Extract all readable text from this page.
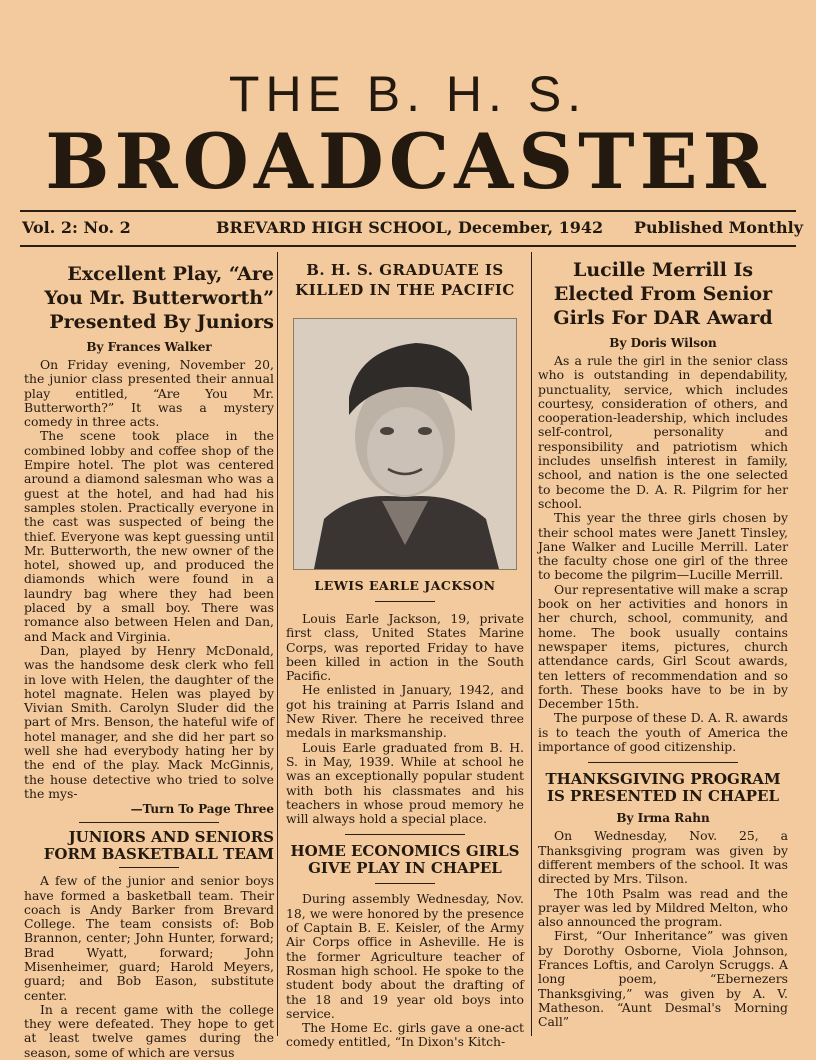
THE B. H. S.
BROADCASTER
Vol. 2: No. 2	BREVARD HIGH SCHOOL, December, 1942 Published Monthly
Excellent Play, “Are You Mr. Butterworth” Presented By Juniors
By Frances Walker

On Friday evening, November 20, the junior class presented their annual play entitled, “Are You Mr. Butterworth?” It was a mystery comedy in three acts.

The scene took place in the combined lobby and coffee shop of the Empire hotel. The plot was centered around a diamond salesman who was a guest at the hotel, and had had his samples stolen. Practically everyone in the cast was suspected of being the thief. Everyone was kept guessing until Mr. Butterworth, the new owner of the hotel, showed up, and produced the diamonds which were found in a laundry bag where they had been placed by a small boy. There was romance also between Helen and Dan, and Mack and Virginia.

Dan, played by Henry McDonald, was the handsome desk clerk who fell in love with Helen, the daughter of the hotel magnate. Helen was played by Vivian Smith. Carolyn Sluder did the part of Mrs. Benson, the hateful wife of hotel manager, and she did her part so well she had everybody hating her by the end of the play. Mack McGinnis, the house detective who tried to solve the mys-

—Turn To Page Three
JUNIORS AND SENIORS FORM BASKETBALL TEAM

A few of the junior and senior boys have formed a basketball team. Their coach is Andy Barker from Brevard College. The team consists of: Bob Brannon, center; John Hunter, forward; Brad Wyatt, forward; John Misenheimer, guard; Harold Meyers, guard; and Bob Eason, substitute center.

In a recent game with the college they were defeated. They hope to get at least twelve games during the season, some of which are versus

B. H. S. GRADUATE IS KILLED IN THE PACIFIC
LEWIS EARLE JACKSON

Louis Earle Jackson, 19, private first class, United States Marine Corps, was reported Friday to have been killed in action in the South Pacific.

He enlisted in January, 1942, and got his training at Parris Island and New River. There he received three medals in marksmanship.

Louis Earle graduated from B. H. S. in May, 1939. While at school he was an exceptionally popular student with both his classmates and his teachers in whose proud memory he will always hold a special place.

HOME ECONOMICS GIRLS GIVE PLAY IN CHAPEL

During assembly Wednesday, Nov. 18, we were honored by the presence of Captain B. E. Keisler, of the Army Air Corps office in Asheville. He is the former Agriculture teacher of Rosman high school. He spoke to the student body about the drafting of the 18 and 19 year old boys into service.

The Home Ec. girls gave a one-act comedy entitled, “In Dixon's Kitch-

Lucille Merrill Is Elected From Senior Girls For DAR Award
By Doris Wilson

As a rule the girl in the senior class who is outstanding in dependability, punctuality, service, which includes courtesy, consideration of others, and cooperation-leadership, which includes self-control, personality and responsibility and patriotism which includes unselfish interest in family, school, and nation is the one selected to become the D. A. R. Pilgrim for her school.

This year the three girls chosen by their school mates were Janett Tinsley, Jane Walker and Lucille Merrill. Later the faculty chose one girl of the three to become the pilgrim—Lucille Merrill.

Our representative will make a scrap book on her activities and honors in her church, school, community, and home. The book usually contains newspaper items, pictures, church attendance cards, Girl Scout awards, ten letters of recommendation and so forth. These books have to be in by December 15th.

The purpose of these D. A. R. awards is to teach the youth of America the importance of good citizenship.

THANKSGIVING PROGRAM IS PRESENTED IN CHAPEL
By Irma Rahn

On Wednesday, Nov. 25, a Thanksgiving program was given by different members of the school. It was directed by Mrs. Tilson.

The 10th Psalm was read and the prayer was led by Mildred Melton, who also announced the program.

First, “Our Inheritance” was given by Dorothy Osborne, Viola Johnson, Frances Loftis, and Carolyn Scruggs. A long poem, “Ebernezers Thanksgiving,” was given by A. V. Matheson. “Aunt Desmal's Morning Call”
